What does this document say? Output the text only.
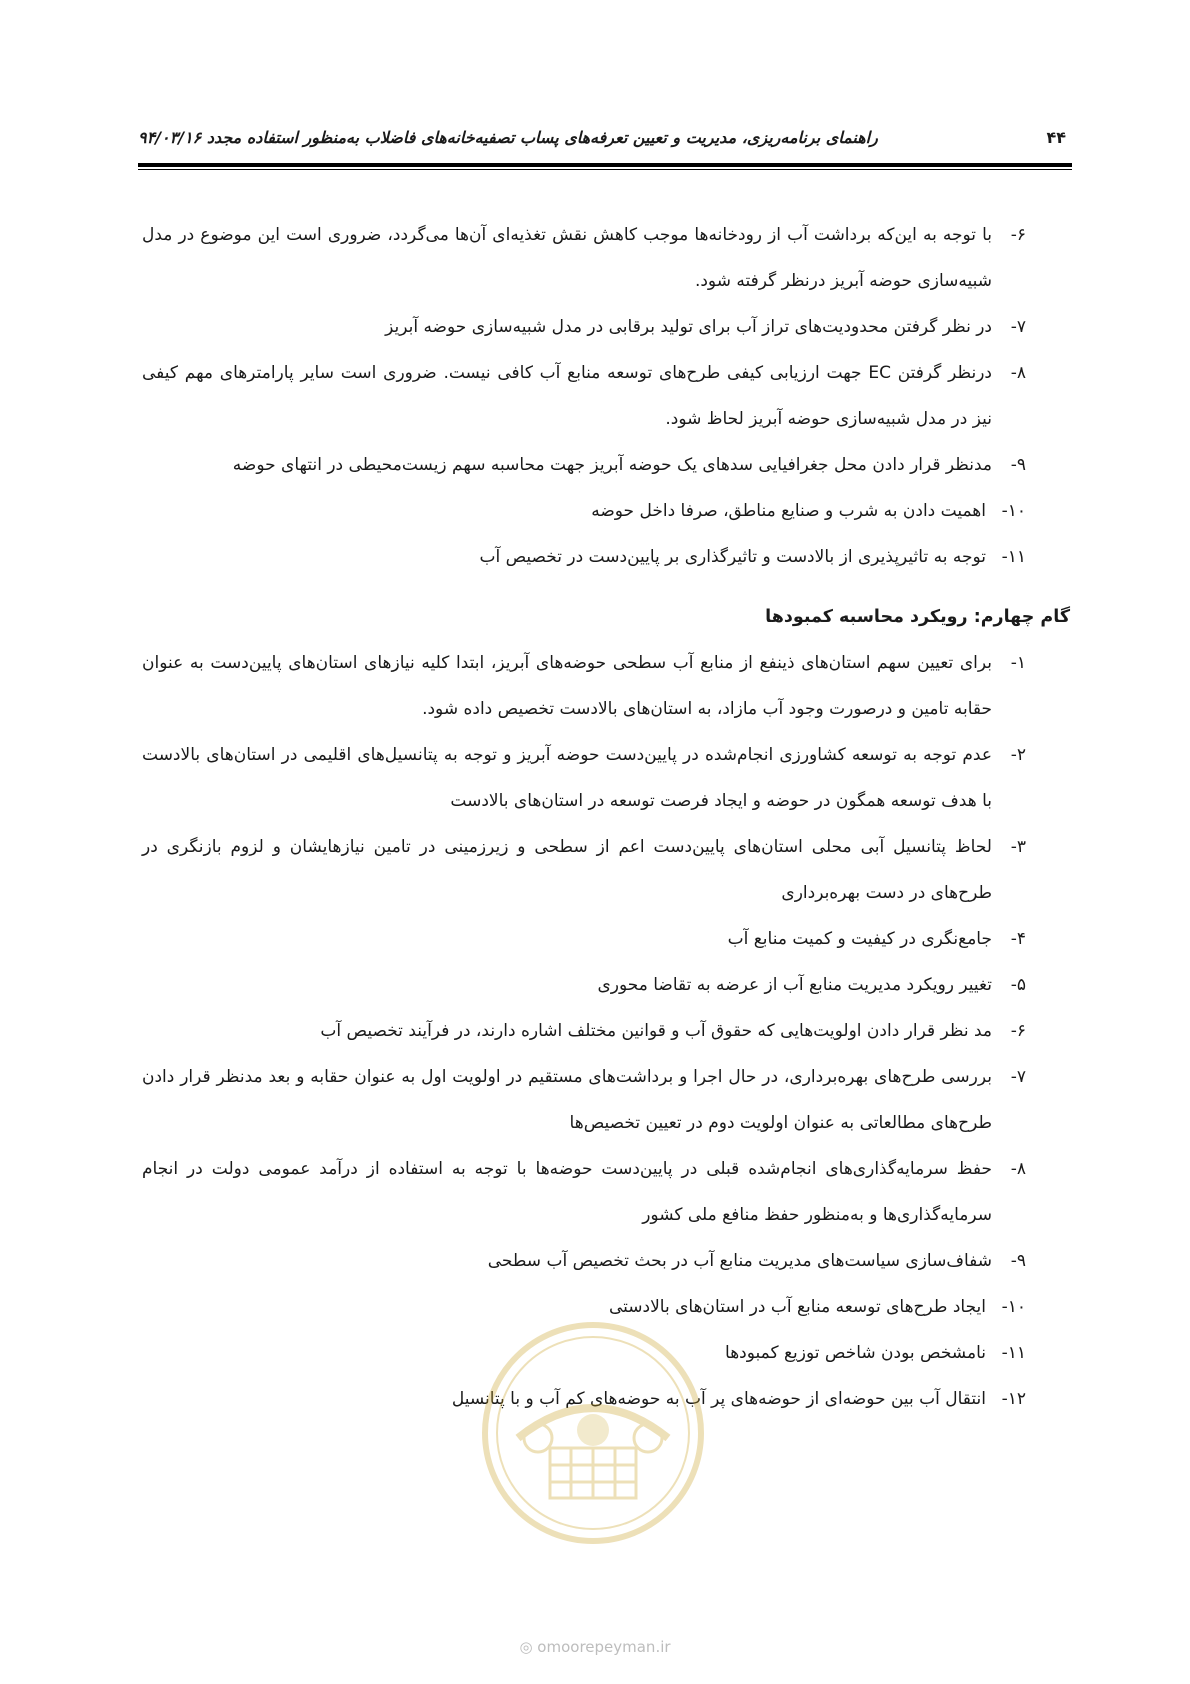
۴۴
راهنمای برنامه‌ریزی، مدیریت و تعیین تعرفه‌های پساب تصفیه‌خانه‌های فاضلاب به‌منظور استفاده مجدد ۹۴/۰۳/۱۶
۶-
با توجه به این‌که برداشت آب از رودخانه‌ها موجب کاهش نقش تغذیه‌ای آن‌ها می‌گردد، ضروری است این موضوع در مدل شبیه‌سازی حوضه آبریز درنظر گرفته شود.
۷-
در نظر گرفتن محدودیت‌های تراز آب برای تولید برقابی در مدل شبیه‌سازی حوضه آبریز
۸-
درنظر گرفتن EC جهت ارزیابی کیفی طرح‌های توسعه منابع آب کافی نیست. ضروری است سایر پارامترهای مهم کیفی نیز در مدل شبیه‌سازی حوضه آبریز لحاظ شود.
۹-
مدنظر قرار دادن محل جغرافیایی سدهای یک حوضه آبریز جهت محاسبه سهم زیست‌محیطی در انتهای حوضه
۱۰-
اهمیت دادن به شرب و صنایع مناطق، صرفا داخل حوضه
۱۱-
توجه به تاثیرپذیری از بالادست و تاثیرگذاری بر پایین‌دست در تخصیص آب
گام چهارم: رویکرد محاسبه کمبودها
۱-
برای تعیین سهم استان‌های ذینفع از منابع آب سطحی حوضه‌های آبریز، ابتدا کلیه نیازهای استان‌های پایین‌دست به عنوان حقابه تامین و درصورت وجود آب مازاد، به استان‌های بالادست تخصیص داده شود.
۲-
عدم توجه به توسعه کشاورزی انجام‌شده در پایین‌دست حوضه آبریز و توجه به پتانسیل‌های اقلیمی در استان‌های بالادست با هدف توسعه همگون در حوضه و ایجاد فرصت توسعه در استان‌های بالادست
۳-
لحاظ پتانسیل آبی محلی استان‌های پایین‌دست اعم از سطحی و زیرزمینی در تامین نیازهایشان و لزوم بازنگری در طرح‌های در دست بهره‌برداری
۴-
جامع‌نگری در کیفیت و کمیت منابع آب
۵-
تغییر رویکرد مدیریت منابع آب از عرضه به تقاضا محوری
۶-
مد نظر قرار دادن اولویت‌هایی که حقوق آب و قوانین مختلف اشاره دارند، در فرآیند تخصیص آب
۷-
بررسی طرح‌های بهره‌برداری، در حال اجرا و برداشت‌های مستقیم در اولویت اول به عنوان حقابه و بعد مدنظر قرار دادن طرح‌های مطالعاتی به عنوان اولویت دوم در تعیین تخصیص‌ها
۸-
حفظ سرمایه‌گذاری‌های انجام‌شده قبلی در پایین‌دست حوضه‌ها با توجه به استفاده از درآمد عمومی دولت در انجام سرمایه‌گذاری‌ها و به‌منظور حفظ منافع ملی کشور
۹-
شفاف‌سازی سیاست‌های مدیریت منابع آب در بحث تخصیص آب سطحی
۱۰-
ایجاد طرح‌های توسعه منابع آب در استان‌های بالادستی
۱۱-
نامشخص بودن شاخص توزیع کمبودها
۱۲-
انتقال آب بین حوضه‌ای از حوضه‌های پر آب به حوضه‌های کم آب و با پتانسیل
◎ omoorepeyman.ir
